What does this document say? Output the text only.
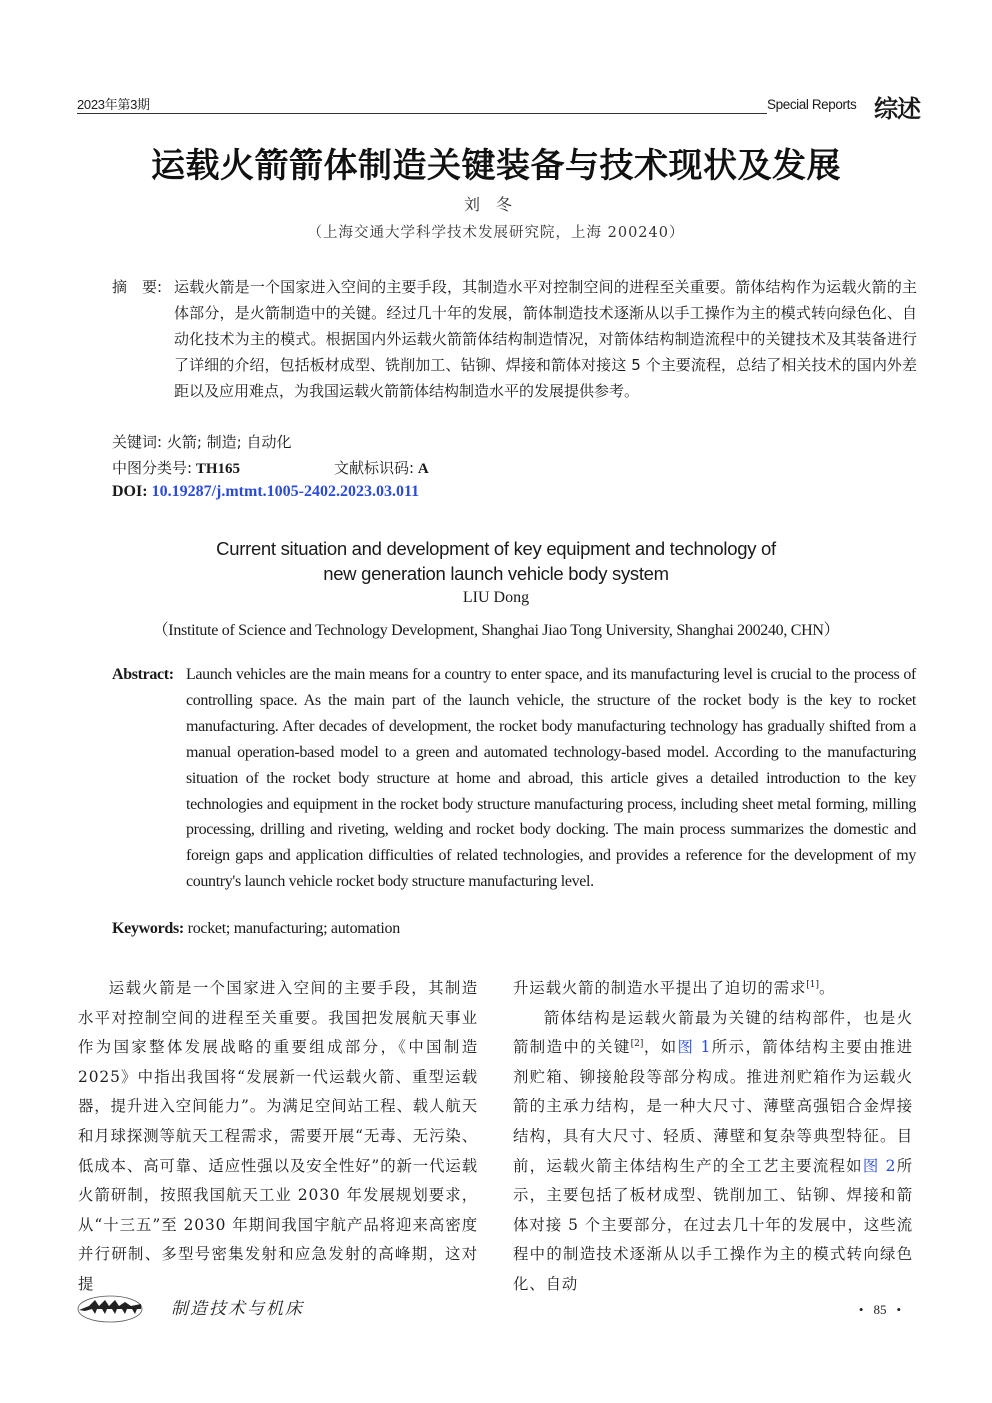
2023年第3期	Special Reports 综述
运载火箭箭体制造关键装备与技术现状及发展
刘冬
（上海交通大学科学技术发展研究院，上海 200240）
摘　要: 运载火箭是一个国家进入空间的主要手段，其制造水平对控制空间的进程至关重要。箭体结构作为运载火箭的主体部分，是火箭制造中的关键。经过几十年的发展，箭体制造技术逐渐从以手工操作为主的模式转向绿色化、自动化技术为主的模式。根据国内外运载火箭箭体结构制造情况，对箭体结构制造流程中的关键技术及其装备进行了详细的介绍，包括板材成型、铣削加工、钻铆、焊接和箭体对接这 5 个主要流程，总结了相关技术的国内外差距以及应用难点，为我国运载火箭箭体结构制造水平的发展提供参考。
关键词: 火箭; 制造; 自动化
中图分类号: TH165	文献标识码: A
DOI: 10.19287/j.mtmt.1005-2402.2023.03.011
Current situation and development of key equipment and technology of
new generation launch vehicle body system
LIU Dong
（Institute of Science and Technology Development, Shanghai Jiao Tong University, Shanghai 200240, CHN）
Abstract: Launch vehicles are the main means for a country to enter space, and its manufacturing level is crucial to the process of controlling space. As the main part of the launch vehicle, the structure of the rocket body is the key to rocket manufacturing. After decades of development, the rocket body manufacturing technology has gradually shifted from a manual operation-based model to a green and automated technology-based model. According to the manufacturing situation of the rocket body structure at home and abroad, this article gives a detailed introduction to the key technologies and equipment in the rocket body structure manufacturing process, including sheet metal forming, milling processing, drilling and riveting, welding and rocket body docking. The main process summarizes the domestic and foreign gaps and application difficulties of related technologies, and provides a reference for the development of my country's launch vehicle rocket body structure manufacturing level.
Keywords: rocket; manufacturing; automation

运载火箭是一个国家进入空间的主要手段，其制造水平对控制空间的进程至关重要。我国把发展航天事业作为国家整体发展战略的重要组成部分，《中国制造 2025》中指出我国将“发展新一代运载火箭、重型运载器，提升进入空间能力”。为满足空间站工程、载人航天和月球探测等航天工程需求，需要开展“无毒、无污染、低成本、高可靠、适应性强以及安全性好”的新一代运载火箭研制，按照我国航天工业 2030 年发展规划要求，从“十三五”至 2030 年期间我国宇航产品将迎来高密度并行研制、多型号密集发射和应急发射的高峰期，这对提

升运载火箭的制造水平提出了迫切的需求[1]。

箭体结构是运载火箭最为关键的结构部件，也是火箭制造中的关键[2]，如图 1所示，箭体结构主要由推进剂贮箱、铆接舱段等部分构成。推进剂贮箱作为运载火箭的主承力结构，是一种大尺寸、薄壁高强铝合金焊接结构，具有大尺寸、轻质、薄壁和复杂等典型特征。目前，运载火箭主体结构生产的全工艺主要流程如图 2所示，主要包括了板材成型、铣削加工、钻铆、焊接和箭体对接 5 个主要部分，在过去几十年的发展中，这些流程中的制造技术逐渐从以手工操作为主的模式转向绿色化、自动

制造技术与机床	• 85 •
